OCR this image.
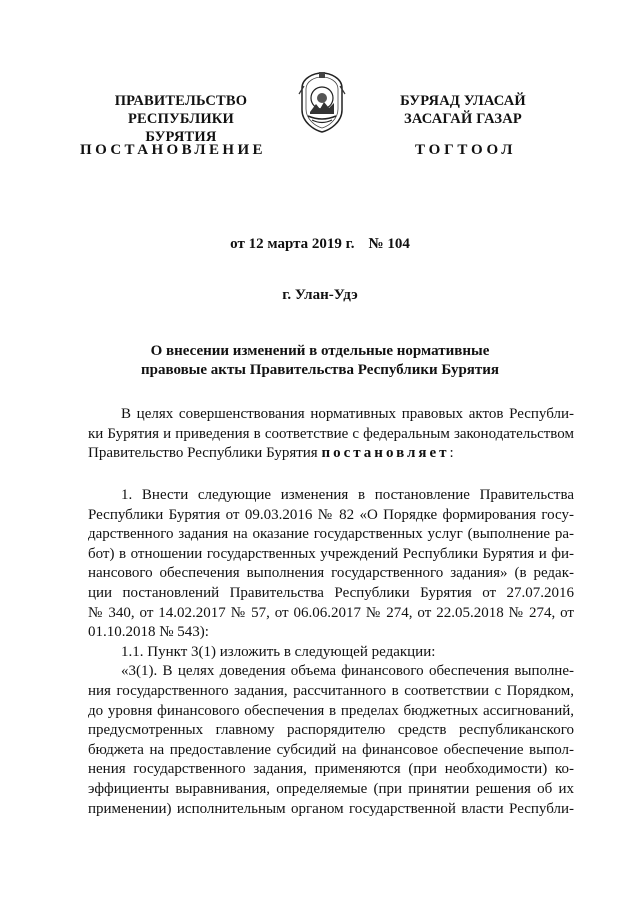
ПРАВИТЕЛЬСТВО
РЕСПУБЛИКИ БУРЯТИЯ
БУРЯАД УЛАСАЙ
ЗАСАГАЙ ГАЗАР
ПОСТАНОВЛЕНИЕ	ТОГТООЛ
от 12 марта 2019 г. № 104
г. Улан-Удэ
О внесении изменений в отдельные нормативные
правовые акты Правительства Республики Бурятия
В целях совершенствования нормативных правовых актов Республи-
ки Бурятия и приведения в соответствие с федеральным законодательством
Правительство Республики Бурятия постановляет:
1. Внести следующие изменения в постановление Правительства
Республики Бурятия от 09.03.2016 № 82 «О Порядке формирования госу-
дарственного задания на оказание государственных услуг (выполнение ра-
бот) в отношении государственных учреждений Республики Бурятия и фи-
нансового обеспечения выполнения государственного задания» (в редак-
ции постановлений Правительства Республики Бурятия от 27.07.2016
№ 340, от 14.02.2017 № 57, от 06.06.2017 № 274, от 22.05.2018 № 274, от
01.10.2018 № 543):
1.1. Пункт 3(1) изложить в следующей редакции:
«3(1). В целях доведения объема финансового обеспечения выполне-
ния государственного задания, рассчитанного в соответствии с Порядком,
до уровня финансового обеспечения в пределах бюджетных ассигнований,
предусмотренных главному распорядителю средств республиканского
бюджета на предоставление субсидий на финансовое обеспечение выпол-
нения государственного задания, применяются (при необходимости) ко-
эффициенты выравнивания, определяемые (при принятии решения об их
применении) исполнительным органом государственной власти Республи-
